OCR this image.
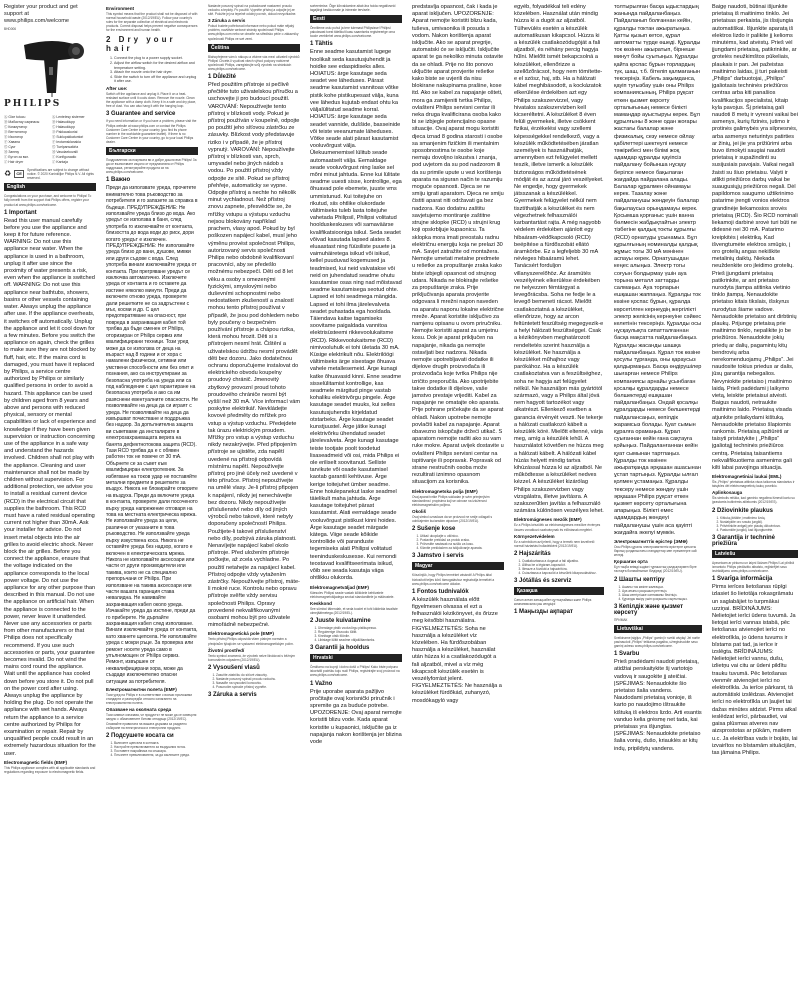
Register your product and get support at
www.philips.com/welcome
BHD006
PHILIPS
Ⓐ Giaт tutucu	Ⓐ Lentelesу sistemer
Ⓑ Мабастау сақинасы	Ⓑ Halasuklupp
Ⓒ Коммутатор	Ⓒ Halasuklupp
Ⓓ Вентилятор	Ⓓ Pakkauskoriai
Ⓔ Изолятор	Ⓔ Suklupakkatuntori
Ⓕ Хавана	Ⓕ Ieotamsklanakia
Ⓖ Суьт	Ⓖ Tuelpansakiria
Ⓗ Запезу	Ⓗ Vasolaekovalli
Ⓘ Бутон за вкл.	Ⓘ Konfiguraatio
Ⓙ Hair dryer	Ⓙ Kantaja
♻	CE
Specifications are subject to change without notice. © 2020 Koninklijke Philips N.V. All rights reserved.
English
Congratulations on your purchase, and welcome to Philips! To fully benefit from the support that Philips offers, register your product at www.philips.com/welcome.
1 Important
Read this user manual carefully before you use the appliance and keep it for future reference. WARNING: Do not use this appliance near water. When the appliance is used in a bathroom, unplug it after use since the proximity of water presents a risk, even when the appliance is switched off. WARNING: Do not use this appliance near bathtubs, showers, basins or other vessels containing water. Always unplug the appliance after use. If the appliance overheats, it switches off automatically. Unplug the appliance and let it cool down for a few minutes. Before you switch the appliance on again, check the grilles to make sure they are not blocked by fluff, hair, etc. If the mains cord is damaged, you must have it replaced by Philips, a service centre authorized by Philips or similarly qualified persons in order to avoid a hazard. This appliance can be used by children aged from 8 years and above and persons with reduced physical, sensory or mental capabilities or lack of experience and knowledge if they have been given supervision or instruction concerning use of the appliance in a safe way and understand the hazards involved. Children shall not play with the appliance. Cleaning and user maintenance shall not be made by children without supervision. For additional protection, we advise you to install a residual current device (RCD) in the electrical circuit that supplies the bathroom. This RCD must have a rated residual operating current not higher than 30mA. Ask your installer for advice. Do not insert metal objects into the air grilles to avoid electric shock. Never block the air grilles. Before you connect the appliance, ensure that the voltage indicated on the appliance corresponds to the local power voltage. Do not use the appliance for any other purpose than described in this manual. Do not use the appliance on artificial hair. When the appliance is connected to the power, never leave it unattended. Never use any accessories or parts from other manufacturers or that Philips does not specifically recommend. If you use such accessories or parts, your guarantee becomes invalid. Do not wind the mains cord round the appliance. Wait until the appliance has cooled down before you store it. Do not pull on the power cord after using. Always unplug the appliance by holding the plug. Do not operate the appliance with wet hands. Always return the appliance to a service centre authorized by Philips for examination or repair. Repair by unqualified people could result in an extremely hazardous situation for the user.
Electromagnetic fields (EMF)
This Philips appliance complies with all applicable standards and regulations regarding exposure to electromagnetic fields.
Environment
This symbol means that the product shall not be disposed of with normal household waste (2012/19/EU). Follow your country's rules for the separate collection of electrical and electronic products. Correct disposal helps prevent negative consequences for the environment and human health.
2 Dry your hair
1. Connect the plug to a power supply socket.
2. Adjust the airflow switch for the desired airflow and temperature setting.
3. Attach the nozzle onto the hair dryer.
4. Slide the switch to turn off the appliance and unplug it after use.
After use:
Switch off the appliance and unplug it. Place it on a heat-resistant surface until it cools down. Remove the nozzle. Clean the appliance with a damp cloth. Keep it in a safe and dry place, free of dust. You can also hang it with the hanging loop.
3 Guarantee and service
If you need information or if you have a problem, please visit the Philips website at www.philips.com or contact the Philips Customer Care Centre in your country (you find its phone number in the worldwide guarantee leaflet). If there is no Customer Care Centre in your country, go to your local Philips dealer.
Български
Поздравления за покупката ви и добре дошли във Philips! За да се възползвате изцяло от предлаганата от Philips поддръжка, регистрирайте продукта си на www.philips.com/welcome.
1 Важно
Преди да използвате уреда, прочетете внимателно това ръководство за потребителя и го запазете за справка в бъдеще. ПРЕДУПРЕЖДЕНИЕ: Не използвайте уреда близо до вода. Ако уредът се използва в баня, след употреба го изключвайте от контакта, близостта до вода води до риск, дори когато уредът е изключен. ПРЕДУПРЕЖДЕНИЕ: Не използвайте уреда близо до вани, душове, мивки или други съдове с вода. След употреба винаги изключвайте уреда от контакта. При прегряване уредът се изключва автоматично. Изключете уреда от контакта и го оставете да изстине няколко минути. Преди да включите отново уреда, проверете дали решетките не са задръстени с мъх, косми и др. С цел предотвратяване на опасност, при повреда в захранващия кабел той трябва да бъде сменен от Philips, оторизиран от Philips сервиз или квалифицирани техници. Този уред може да се използва от деца на възраст над 8 години и от хора с намалени физически, сетивни или умствени способности или без опит и познания, ако са инструктирани за безопасна употреба на уреда или са под наблюдение с цел гарантиране на безопасна употреба и ако са им разяснени евентуалните опасности. Не позволявайте на деца да си играят с уреда. Не позволявайте на деца да извършват почистване и поддръжка без надзор. За допълнителна защита ви съветваме да инсталирате в електрозахранващата верига на банята дефектнотокова защита (RCD). Тази RCD трябва да е с обявен работен ток не повече от 30 mA. Обърнете се за съвет към квалифициран електротехник. За избягване на токов удар не поставяйте метални предмети в решетките за въздух. Никога не блокирайте отворите на въздуха. Преди да включите уреда в контакта, проверете дали посоченото върху уреда напрежение отговаря на това на местната електрическа мрежа. Не използвайте уреда за цели, различни от указаните в това ръководство. Не използвайте уреда върху изкуствена коса. Никога не оставяйте уреда без надзор, когато е включен в електрическата мрежа. Никога не използвайте аксесоари или части от други производители или такива, които не са специално препоръчани от Philips. При използване на такива аксесоари или части вашата гаранция става невалидна. Не навивайте захранващия кабел около уреда. Изчакайте уреда да изстине, преди да го приберете. Не дърпайте захранващия кабел след използване. Винаги изключвайте уреда от контакта, като хванете щепсела. Не използвайте уреда с мокри ръце. За проверка или ремонт носете уреда само в упълномощен от Philips сервиз. Ремонт, извършен от неквалифицирани хора, може да създаде изключително опасни ситуации за потребителя.
Електромагнитни полета (EMF)
Този уред на Philips е в съответствие с всички приложими стандарти и разпоредби относно излагането на електромагнитни полета.
Опазване на околната среда
Този символ означава, че продуктът не може да се изхвърля заедно с обикновените битови отпадъци (2012/19/ЕС). Спазвайте правилата на вашата държава за разделно събиране на електрически и електронни продукти.
2 Подсушете косата си
1. Включете щепсела в контакта.
2. Настройте превключвателя за въздушния поток.
3. Поставете накрайника на сешоара.
4. Плъзнете превключвателя, за да изключите уреда.
Nastavte posuvný spínač na požadované nastavení proudu vzduchu a teploty. Po použití: Vypněte přístroj a odpojte jej ze sítě. Položte jej na tepelně odolný povrch, dokud nevychladne.
3 Záruka a servis
Pokud budete potřebovat informace nebo pokud máte nějaký problém, navštivte webové stránky společnosti Philips www.philips.com nebo se obraťte na středisko péče o zákazníky společnosti Philips ve své zemi.
Čeština
Blahopřejeme vám k nákupu a vítáme vás mezi uživateli výrobků Philips! Chcete-li využívat všech výhod podpory nabízené společností Philips, zaregistrujte svůj výrobek na stránkách www.philips.com/welcome.
1 Důležité
Před použitím přístroje si pečlivě přečtěte tuto uživatelskou příručku a uschovejte ji pro budoucí použití. VAROVÁNÍ: Nepoužívejte tento přístroj v blízkosti vody. Pokud je přístroj používán v koupelně, odpojte po použití jeho síťovou zástrčku ze zásuvky. Blízkost vody představuje riziko i v případě, že je přístroj vypnutý. VAROVÁNÍ: Nepoužívejte přístroj v blízkosti van, sprch, umyvadel nebo jiných nádob s vodou. Po použití přístroj vždy odpojte ze sítě. Pokud se přístroj přehřeje, automaticky se vypne. Odpojte přístroj a nechte ho několik minut vychladnout. Než přístroj znovu zapnete, přesvědčte se, že mřížky vstupu a výstupu vzduchu nejsou blokovány například prachem, vlasy apod. Pokud by byl poškozen napájecí kabel, musí jeho výměnu provést společnost Philips, autorizovaný servis společnosti Philips nebo obdobně kvalifikovaní pracovníci, aby se předešlo možnému nebezpečí. Děti od 8 let věku a osoby s omezenými fyzickými, smyslovými nebo duševními schopnostmi nebo nedostatkem zkušeností a znalostí mohou tento přístroj používat v případě, že jsou pod dohledem nebo byly poučeny o bezpečném používání přístroje a chápou rizika, která mohou hrozit. Děti si s přístrojem nesmí hrát. Čištění a uživatelskou údržbu nesmí provádět děti bez dozoru. Jako dodatečnou ochranu doporučujeme instalovat do elektrického obvodu koupelny proudový chránič. Jmenovitý zbytkový provozní proud tohoto proudového chrániče nesmí být vyšší než 30 mA. Více informací vám poskytne elektrikář. Nevkládejte kovové předměty do mřížek pro vstup a výstup vzduchu. Předejdete tak úrazu elektrickým proudem. Mřížky pro vstup a výstup vzduchu nikdy nezakrývejte. Před připojením přístroje se ujistěte, zda napětí uvedené na přístroji odpovídá místnímu napětí. Nepoužívejte přístroj pro jiné účely než uvedené v této příručce. Přístroj nepoužívejte na umělé vlasy. Je-li přístroj připojen k napájení, nikdy jej nenechávejte bez dozoru. Nikdy nepoužívejte příslušenství nebo díly od jiných výrobců nebo takové, které nebyly doporučeny společností Philips. Použijete-li takové příslušenství nebo díly, pozbývá záruka platnosti. Nenavíjejte napájecí kabel okolo přístroje. Před uložením přístroje počkejte, až zcela vychladne. Po použití netahejte za napájecí kabel. Přístroj odpojte vždy vytažením zástrčky. Nepoužívejte přístroj, máte-li mokré ruce. Kontrolu nebo opravu přístroje svěřte vždy servisu společnosti Philips. Opravy provedené nekvalifikovanými osobami mohou být pro uživatele mimořádně nebezpečné.
Elektromagnetická pole (EMP)
Tento přístroj Philips odpovídá všem platným normám a předpisům týkajícím se vystavení elektromagnetickým polím.
Životní prostředí
Tento symbol znamená, že výrobek nelze likvidovat s běžným komunálním odpadem (2012/19/EU).
2 Vysoušení vlasů
1. Zasuňte zástrčku do síťové zásuvky.
2. Nastavte posuvný spínač proudu vzduchu.
3. Nasaďte na vysoušeč koncovku.
4. Posunutím spínače přístroj vypněte.
3 Záruka a servis
sorteerimise. Õige kõrvaldamine aitab ära hoida negatiivseid tagajärgi keskkonnale ja inimeste tervisele.
Eesti
Õnnitleme ostu puhul ja tere tulemast Philipsisse! Philipsi pakutavast toest täielikult kasu saamiseks registreerige oma toode veebilehel www.philips.com/welcome.
1 Tähtis
Enne seadme kasutamist lugege hoolikalt seda kasutusjuhendit ja hoidke see edaspidiseks alles. HOIATUS: ärge kasutage seda seadet vee läheduses. Pärast seadme kasutamist vannitoas võtke pistik kohe pistikupesast välja, kuna vee lähedus kujutab endast ohtu ka väljalülitatud seadme korral. HOIATUS: ärge kasutage seda seadet vannide, duššide, basseinide või teiste veeanumate läheduses. Võtke seade alati pärast kasutamist vooluvõrgust välja. Ülekuumenemisel lülitub seade automaatselt välja. Eemaldage seade vooluvõrgust ning laske sel mõni minut jahtuda. Enne kui lülitate seadme uuesti sisse, kontrollige, ega õhuavad pole ebemete, juuste vms ummistunud. Kui toitejuhe on rikutud, siis ohtlike olukordade vältimiseks tuleb lasta toitejuhe vahetada Philipsil, Philipsi volitatud hoolduskeskuses või samaväärse kvalifikatsiooniga isikul. Seda seadet võivad kasutada lapsed alates 8. eluaastast ning füüsiliste puuete ja vaimuhäiretega isikud või isikud, kellel puuduvad kogemused ja teadmised, kui neid valvatakse või neid on juhendatud seadme ohutu kasutamise osas ning nad mõistavad seadme kasutamisega seotud ohte. Lapsed ei tohi seadmega mängida. Lapsed ei tohi ilma järelevalveta seadet puhastada ega hooldada. Täiendava kaitse tagamiseks soovitame paigaldada vannitoa elektrisüsteemi rikkevoolukaitsme (RCD). Rikkevoolukaitsme (RCD) nimivooluhulk ei tohi ületada 30 mA. Küsige elektrikult nõu. Elektrilöögi vältimiseks ärge sisestage õhuava vahele metallesemeid. Ärge kunagi katke õhuavasid kinni. Enne seadme sisselülitamist kontrollige, kas seadmele märgitud pinge vastab kohaliku elektrivõrgu pingele. Ärge kasutage seadet muuks, kui selles kasutusjuhendis kirjeldatud otstarbeks. Ärge kasutage seadet kunstjuustel. Ärge jätke kunagi elektrivõrku ühendatud seadet järelevalveta. Ärge kunagi kasutage teiste tootjate poolt toodetud lisaseadmeid või osi, mida Philips ei ole eriliselt soovitanud. Selliste tarvikute või osade kasutamisel kaotab garantii kehtivuse. Ärge kerige toitejuhet ümber seadme. Enne hoiulepanekut laske seadmel täielikult maha jahtuda. Ärge kasutage toitejuhet pärast kasutamist. Alati eemaldage seade vooluvõrgust pistikust kinni hoides. Ärge kasutage seadet märgade kätega. Viige seade kõikide kontrollide või paranduste tegemiseks alati Philipsi volitatud teeninduskeskusesse. Kui remondi teostavad kvalifitseerimata isikud, võib see seada kasutaja väga ohtlikku olukorda.
Elektromagnetväljad (EMF)
Käesolev Philipsi seade vastab kõikidele kehtivatele elektromagnetväljadega seotud standarditele ja määrustele.
Keskkond
See sümbol tähendab, et seda toodet ei tohi käidelda tavaliste olmejäätmetega (2012/19/EL).
2 Juuste kuivatamine
1. Ühendage pistik vooluvõrgu pistikupessa.
2. Reguleerige õhuvoolu lülitit.
3. Kinnitage otsik föönile.
4. Libistage lülitit seadme väljalülitamiseks.
3 Garantii ja hooldus
Hrvatski
Čestitamo na kupnji i dobro došli u Philips! Kako biste potpuno iskoristili podršku koju nudi Philips, registrirajte svoj proizvod na www.philips.com/welcome.
1 Važno
Prije uporabe aparata pažljivo pročitajte ovaj korisnički priručnik i spremite ga za buduće potrebe. UPOZORENJE: Ovaj aparat nemojte koristiti blizu vode. Kada aparat koristite u kupaonici, isključite ga iz napajanja nakon korištenja jer blizina vode
predstavlja opasnost, čak i kada je aparat isključen. UPOZORENJE: Aparat nemojte koristiti blizu kada, tuševa, umivaonika ili posuda s vodom. Nakon korištenja aparat isključite. Ako se aparat pregrije, automatski će se isključiti. Isključite aparat te ga nekoliko minuta ostavite da se ohladi. Prije no što ponovo uključite aparat provjerite rešetke kako biste se uvjerili da nisu blokirane nakupinama prašine, kose itd. Ako se kabel za napajanje ošteti, mora ga zamijeniti tvrtka Philips, ovlašteni Philips servisni centar ili neka druga kvalificirana osoba kako bi se izbjegle potencijalno opasne situacije. Ovaj aparat mogu koristiti djeca iznad 8 godina starosti i osobe sa smanjenim fizičkim ili mentalnim sposobnostima te osobe koje nemaju dovoljno iskustva i znanja, pod uvjetom da su pod nadzorom ili da su primile upute u vezi korištenja aparata na siguran način te razumiju moguće opasnosti. Djeca se ne smiju igrati aparatom. Djeca ne smiju čistiti aparat niti održavati ga bez nadzora. Kao dodatnu zaštitu savjetujemo montiranje zaštitne strujne sklopke (RCD) u strujni krug koji opskrbljuje kupaonicu. Ta sklopka mora imati preostalu radnu električnu energiju koja ne prelazi 30 mA. Savjet zatražite od montažera. Nemojte umetati metalne predmete u rešetke za propuštanje zraka kako biste izbjegli opasnost od strujnog udara. Nikada ne blokirajte rešetke za propuštanje zraka. Prije priključivanja aparata provjerite odgovara li mrežni napon naveden na aparatu naponu lokalne električne mreže. Aparat koristite isključivo za namjenu opisanu u ovom priručniku. Nemojte koristiti aparat za umjetnu kosu. Dok je aparat priključen na napajanje, nikada ga nemojte ostavljati bez nadzora. Nikada nemojte upotrebljavati dodatke ili dijelove drugih proizvođača ili proizvođača koje tvrtka Philips nije izričito preporučila. Ako upotrijebite takve dodatke ili dijelove, vaše jamstvo prestaje vrijediti. Kabel za napajanje ne omatajte oko aparata. Prije pohrane pričekajte da se aparat ohladi. Nakon upotrebe nemojte povlačiti kabel za napajanje. Aparat obavezno iskopčajte držeći utikač. S aparatom nemojte raditi ako su vam ruke mokre. Aparat uvijek dostavite u ovlašteni Philips servisni centar na ispitivanje ili popravak. Popravak od strane nestručnih osoba može rezultirati iznimno opasnom situacijom za korisnika.
Elektromagnetska polja (EMF)
Ovaj aparat tvrtke Philips sukladan je svim primjenjivim standardima i propisima koji se odnose na izloženost elektromagnetskim poljima.
Okoliš
Ovaj simbol označava da se proizvod ne smije odlagati s uobičajenim kućanskim otpadom (2012/19/EU).
2 Sušenje kose
1. Utikač ukopčajte u utičnicu.
2. Postavite prekidač za protok zraka.
3. Pričvrstite nastavak na sušilo za kosu.
4. Kliznite prekidačem za isključivanje aparata.
3 Jamstvo i servis
Magyar
Köszönjük, hogy Philips terméket vásárolt! A Philips által biztosított teljes körű támogatáshoz regisztrálja termékét a www.philips.com/welcome oldalon.
1 Fontos tudnivalók
A készülék használata előtt figyelmesen olvassa el ezt a felhasználói kézikönyvet, és őrizze meg későbbi használatra. FIGYELMEZTETÉS: Soha ne használja a készüléket víz közelében. Ha fürdőszobában használja a készüléket, használat után húzza ki a csatlakozódugót a fali aljzatból, mivel a víz még kikapcsolt készülék esetén is veszélyforrást jelent. FIGYELMEZTETÉS: Ne használja a készüléket fürdőkád, zuhanyzó, mosdókagyló vagy
egyéb, folyadékkal teli edény közelében. Használat után mindig húzza ki a dugót az aljzatból. Túlhevülés esetén a készülék automatikusan kikapcsol. Húzza ki a készülék csatlakozódugóját a fali aljzatból, és néhány percig hagyja hűlni. Mielőtt ismét bekapcsolná a készüléket, ellenőrizze a szellőzőrácsot, hogy nem tömítette-e el szösz, haj, stb. Ha a hálózati kábel meghibásodott, a kockázatok elkerülése érdekében azt egy Philips szakszervizzel, vagy hivatalos szakszervizben kell kicseréltetni. A készüléket 8 éven felüli gyermekek, illetve csökkent fizikai, érzékelési vagy szellemi képességekkel rendelkező, vagy a készülék működtetésében járatlan személyek is használhatják, amennyiben ezt felügyelet mellett teszik, illetve ismerik a készülék biztonságos működtetésének módját és az azzal járó veszélyeket. Ne engedje, hogy gyermekek játsszanak a készülékkel. Gyermekek felügyelet nélkül nem tisztíthatják a készüléket és nem végezhetnek felhasználói karbantartást rajta. A még nagyobb védelem érdekében ajánlott egy hibaáram-védőkapcsoló (RCD) beépítése a fürdőszobát ellátó áramkörbe. Ez a legfeljebb 30 mA névleges hibaáramú lehet. Tanácsért forduljon villanyszerelőhöz. Az áramütés veszélyének elkerülése érdekében ne helyezzen fémtárgyat a levegőrácsba. Soha ne fedje le a levegő bemeneti rácsot. Mielőtt csatlakoztatná a készüléket, ellenőrizze, hogy az arcon feltüntetett feszültség megegyezik-e a helyi hálózati feszültséggel. Csak a kézikönyvben meghatározott rendeltetés szerint használja a készüléket. Ne használja a készüléket műhajhoz vagy parókához. Ha a készülék csatlakoztatva van a feszültséghez, soha ne hagyja azt felügyelet nélkül. Ne használjon más gyártótól származó, vagy a Philips által jóvá nem hagyott tartozékot vagy alkatrészt. Ellenkező esetben a garancia érvényét veszti. Ne tekerje a hálózati csatlakozó kábelt a készülék köré. Mielőtt eltenné, várja meg, amíg a készülék lehűl. A használatot követően ne húzza meg a hálózati kábelt. A hálózati kábel húzás helyett mindig tartva kihúzással húzza ki az aljzatból. Ne működtesse a készüléket nedves kézzel. A készüléket kizárólag Philips szakszervizben vagy vizsgálatra, illetve javításra. A szakszerűtlen javítás a felhasználó számára különösen veszélyes lehet.
Elektromágneses mezők (EMF)
Ez a Philips készülék az elektromágneses mezőkre érvényes összes vonatkozó szabványnak és előírásnak megfelel.
Környezetvédelem
Ez a szimbólum azt jelenti, hogy a termék nem kezelhető normál háztartási hulladékként (2012/19/EU).
2 Hajszárítás
1. Csatlakoztassa a dugaszt a fali aljzatba.
2. Állítsa be a légáram-kapcsolót.
3. Illessze a fúvókát a hajszárítóra.
4. Csúsztassa a kapcsolót a készülék kikapcsolásához.
3 Jótállás és szerviz
Қазақша
Сатып алған затыңызбен құттықтаймыз және Philips компаниясына қош келдіңіз!
1 Маңызды ақпарат
толтырылған басқа ыдыстардың жанында пайдаланбаңыз. Пайдаланып болғаннан кейін, құралды токтан ажыратыңыз. Қатты қызып кетсе, құрал автоматты түрде өшеді. Құралды ток көзінен ажыратып, бірнеше минут бойы суытыңыз. Құралды қайта қоспас бұрын торлардың түк, шаш, т.б. бітеліп қалмағанын тексеріңіз. Кабель зақымданса, қауіп туғызбау үшін оны Philips компаниясының, Philips рұқсат еткен қызмет көрсету орталығының немесе білікті мамандар ауыстыруы керек. Бұл құрылғыны 8 және одан жоғары жастағы балалар және физикалық, сезу немесе ойлау қабілеттері шектеулі немесе тәжірибесі мен білімі жоқ адамдар құралды қауіпсіз пайдалану бойынша нұсқау берілсе немесе бақылаған жағдайда пайдалана алады. Балалар құралмен ойнамауы керек. Тазалау және пайдаланушы жөндеуін балалар бақылаусыз орындамауы керек. Қосымша қорғаныс үшін ванна бөлмесін жабдықтайтын электр тізбегіне қалдық токты құрылғы (RCD) орнатуды ұсынамыз. Бұл құрылғының номиналды қалдық жұмыс тогы 30 мА мәнінен аспауы керек. Орнатушыдан кеңес алыңыз. Электр тогы соғуын болдырмау үшін ауа торына металл заттарды салмаңыз. Ауа торларын ешқашан жаппаңыз. Құралды ток көзіне қоспас бұрын, құралда көрсетілген кернеудің жергілікті электр желісінің кернеуіне сәйкес келетінін тексеріңіз. Құралды осы нұсқаулықта сипатталғаннан басқа мақсатта пайдаланбаңыз. Құралды жасанды шашқа пайдаланбаңыз. Құрал ток көзіне қосулы тұрғанда, оны қараусыз қалдырмаңыз. Басқа өндірушілер шығарған немесе Philips компаниясы арнайы ұсынбаған қосалқы құралдарды немесе бөлшектерді ешқашан пайдаланбаңыз. Ондай қосалқы құралдарды немесе бөлшектерді пайдалансаңыз, кепілдік жарамсыз болады. Қуат сымын құралға орамаңыз. Құрал суығаннан кейін ғана сақтауға қойыңыз. Пайдаланғаннан кейін қуат сымынан тартпаңыз. Құралды ток көзінен ажыратқанда әрқашан ашасынан ұстап тартыңыз. Құралды ылғал қолмен ұстамаңыз. Құралды тексеру немесе жөндеу үшін әрқашан Philips рұқсат еткен қызмет көрсету орталығына апарыңыз. Білікті емес адамдардың жөндеуі пайдаланушы үшін аса қауіпті жағдайға әкелуі мүмкін.
Электромагниттік өрістер (ЭМӨ)
Осы Philips құралы электромагниттік өрістерге қатысты барлық қолданыстағы стандарттар мен ережелерге сай келеді.
Қоршаған орта
Бұл таңба өнімді кәдімгі тұрмыстық қалдықтармен бірге тастауға болмайтынын білдіреді (2012/19/EU).
2 Шашты кептіру
1. Ашаны ток көзіне жалғаңыз.
2. Ауа ағыны қосқышын реттеңіз.
3. Шаш кептіргішке саптаманы бекітіңіз.
4. Құралды өшіру үшін қосқышты сырғытыңыз.
3 Кепілдік және қызмет көрсету
ПРИМАК
Lietuviškai
Sveikiname įsigijus „Philips“ gaminį ir sveiki atvykę! Jei norite pasinaudoti „Philips“ teikiama pagalba, užregistruokite savo gaminį adresu www.philips.com/welcome.
1 Svarbu
Prieš pradėdami naudoti prietaisą, atidžiai perskaitykite šį vartotojo vadovą ir saugokite jį ateičiai. ĮSPĖJIMAS: Nenaudokite šio prietaiso šalia vandens. Naudodami prietaisą vonioje, iš karto po naudojimo ištraukite kištuką iš elektros lizdo. Arti esantis vanduo kelia grėsmę net tada, kai prietaisas yra išjungtas. ĮSPĖJIMAS: Nenaudokite prietaiso šalia vonių, dušo, kriauklės ar kitų indų, pripildytų vandens.
Baigę naudoti, būtinai išjunkite prietaisą iš maitinimo tinklo. Jei prietaisas perkaista, jis išsijungia automatiškai. Išjunkite aparatą iš elektros lizdo ir palikite jį kelioms minutėms, kad atvėstų. Prieš vėl įjungdami prietaisą, patikrinkite, ar grotelės neužkimštos pūkeliais, plaukais ir pan. Jei pažeistas maitinimo laidas, jį turi pakeisti „Philips“ darbuotojai, „Philips“ įgaliotasis techninės priežiūros centras arba kiti panašios kvalifikacijos specialistai, kitaip kyla pavojus. Šį prietaisą gali naudoti 8 metų ir vyresni vaikai bei asmenys, kurių fizinės, jutimo ir protinės galimybės yra silpnesnės, arba asmenys neturintys patirties ar žinių, jei jie yra prižiūrimi arba buvo išmokyti saugiai naudoti prietaisą ir supažindinti su susijusiais pavojais. Vaikai negali žaisti su šiuo prietaisu. Valyti ir atlikti priežiūros darbų vaikai be suaugusiųjų priežiūros negali. Dėl papildomos saugumo užtikrinimo patarime įrengti vonios elektros grandinėje liekamosios srovės prietaisą (RCD). Šio RCD nominali liekamoji darbinė srovė turi būti ne didesnė nei 30 mA. Patarimo kreipkitės į elektriką. Kad išvengtumėte elektros smūgio, į oro grotelių angas nekiškite metalinių daiktų. Niekada neuždenkite oro įleidimo grotelių. Prieš įjungdami prietaisą patikrinkite, ar ant prietaiso nurodyta įtampa atitinka vietinio tinklo įtampą. Nenaudokite prietaiso kitais tikslais, išskyrus nurodytus šiame vadove. Nenaudokite prietaiso ant dirbtinių plaukų. Prijungę prietaisą prie maitinimo tinklo, nepalikite jo be priežiūros. Nenaudokite jokių priedų ar dalių, pagamintų kitų bendrovių arba nerekomenduojamų „Philips“. Jei naudosite tokius priedus ar dalis, jūsų garantija nebegalios. Nevyniokite prietaiso į maitinimo laidą. Prieš padėdami į laikymo vietą, leiskite prietaisui atvėsti. Baigus naudoti, netraukite maitinimo laido. Prietaisą visada atjunkite prilaikydami kištuką. Nenaudokite prietaiso šlapiomis rankomis. Prietaisą apžiūrėti ar taisyti pristatykite į „Philips“ įgaliotąjį techninės priežiūros centrą. Prietaisą taisantiems nekvalifikuotiems asmenims gali kilti labai pavojinga situacija.
Elektromagnetiniai laukai (EML)
Šis „Philips“ prietaisas atitinka visus taikomus standartus ir taisykles dėl elektromagnetinių laukų poveikio.
Aplinkosauga
Šis simbolis reiškia, kad gaminio negalima išmesti kartu su įprastomis buitinėmis atliekomis (2012/19/ES).
2 Džiovinkite plaukus
1. Kištuką įkiškite į maitinimo lizdą.
2. Nustatykite oro srauto jungiklį.
3. Pritvirtinkite antgalį prie plaukų džiovintuvo.
4. Pastumkite jungiklį, kad išjungtumėte.
3 Garantija ir techninė priežiūra
Latviešu
Apsveicam ar pirkumu un laipni lūdzam Philips! Lai pilnībā izmantotu Philips piedāvāto atbalstu, reģistrējiet savu izstrādājumu www.philips.com/welcome.
1 Svarīga informācija
Pirms ierīces lietošanas rūpīgi izlasiet šo lietotāja rokasgrāmatu un saglabājiet to turpmākai uzziņai. BRĪDINĀJUMS: Nelietojiet ierīci ūdens tuvumā. Ja lietojat ierīci vannas istabā, pēc lietošanas atvienojiet ierīci no elektrotīkla, jo ūdens tuvums ir bīstams pat tad, ja ierīce ir izslēgta. BRĪDINĀJUMS: Nelietojiet ierīci vannu, dušu, izlietņu vai citu ar ūdeni pildītu trauku tuvumā. Pēc lietošanas vienmēr atvienojiet ierīci no elektrotīkla. Ja ierīce pārkarst, tā automātiski izslēdzas. Atvienojiet ierīci no elektrotīkla un ļaujiet tai dažas minūtes atdzist. Pirms atkal ieslēdzat ierīci, pārbaudiet, vai gaisa plūsmas atveres nav aizsprostotas ar pūkām, matiem u.c. Ja elektrības vads ir bojāts, lai izvairītos no bīstamām situācijām, tas jāmaina Philips.
